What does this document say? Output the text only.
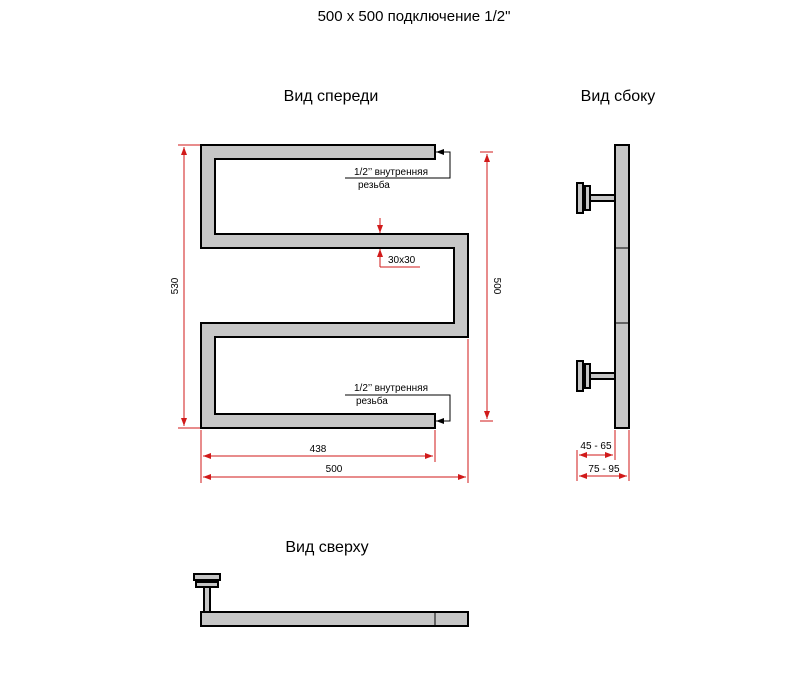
500 x 500 подключение 1/2"
Вид спереди	Вид сбоку
Вид сверху
1/2’’ внутренняя
резьба
1/2’’ внутренняя
резьба
30x30
530	500
438
500
45 - 65
75 - 95
